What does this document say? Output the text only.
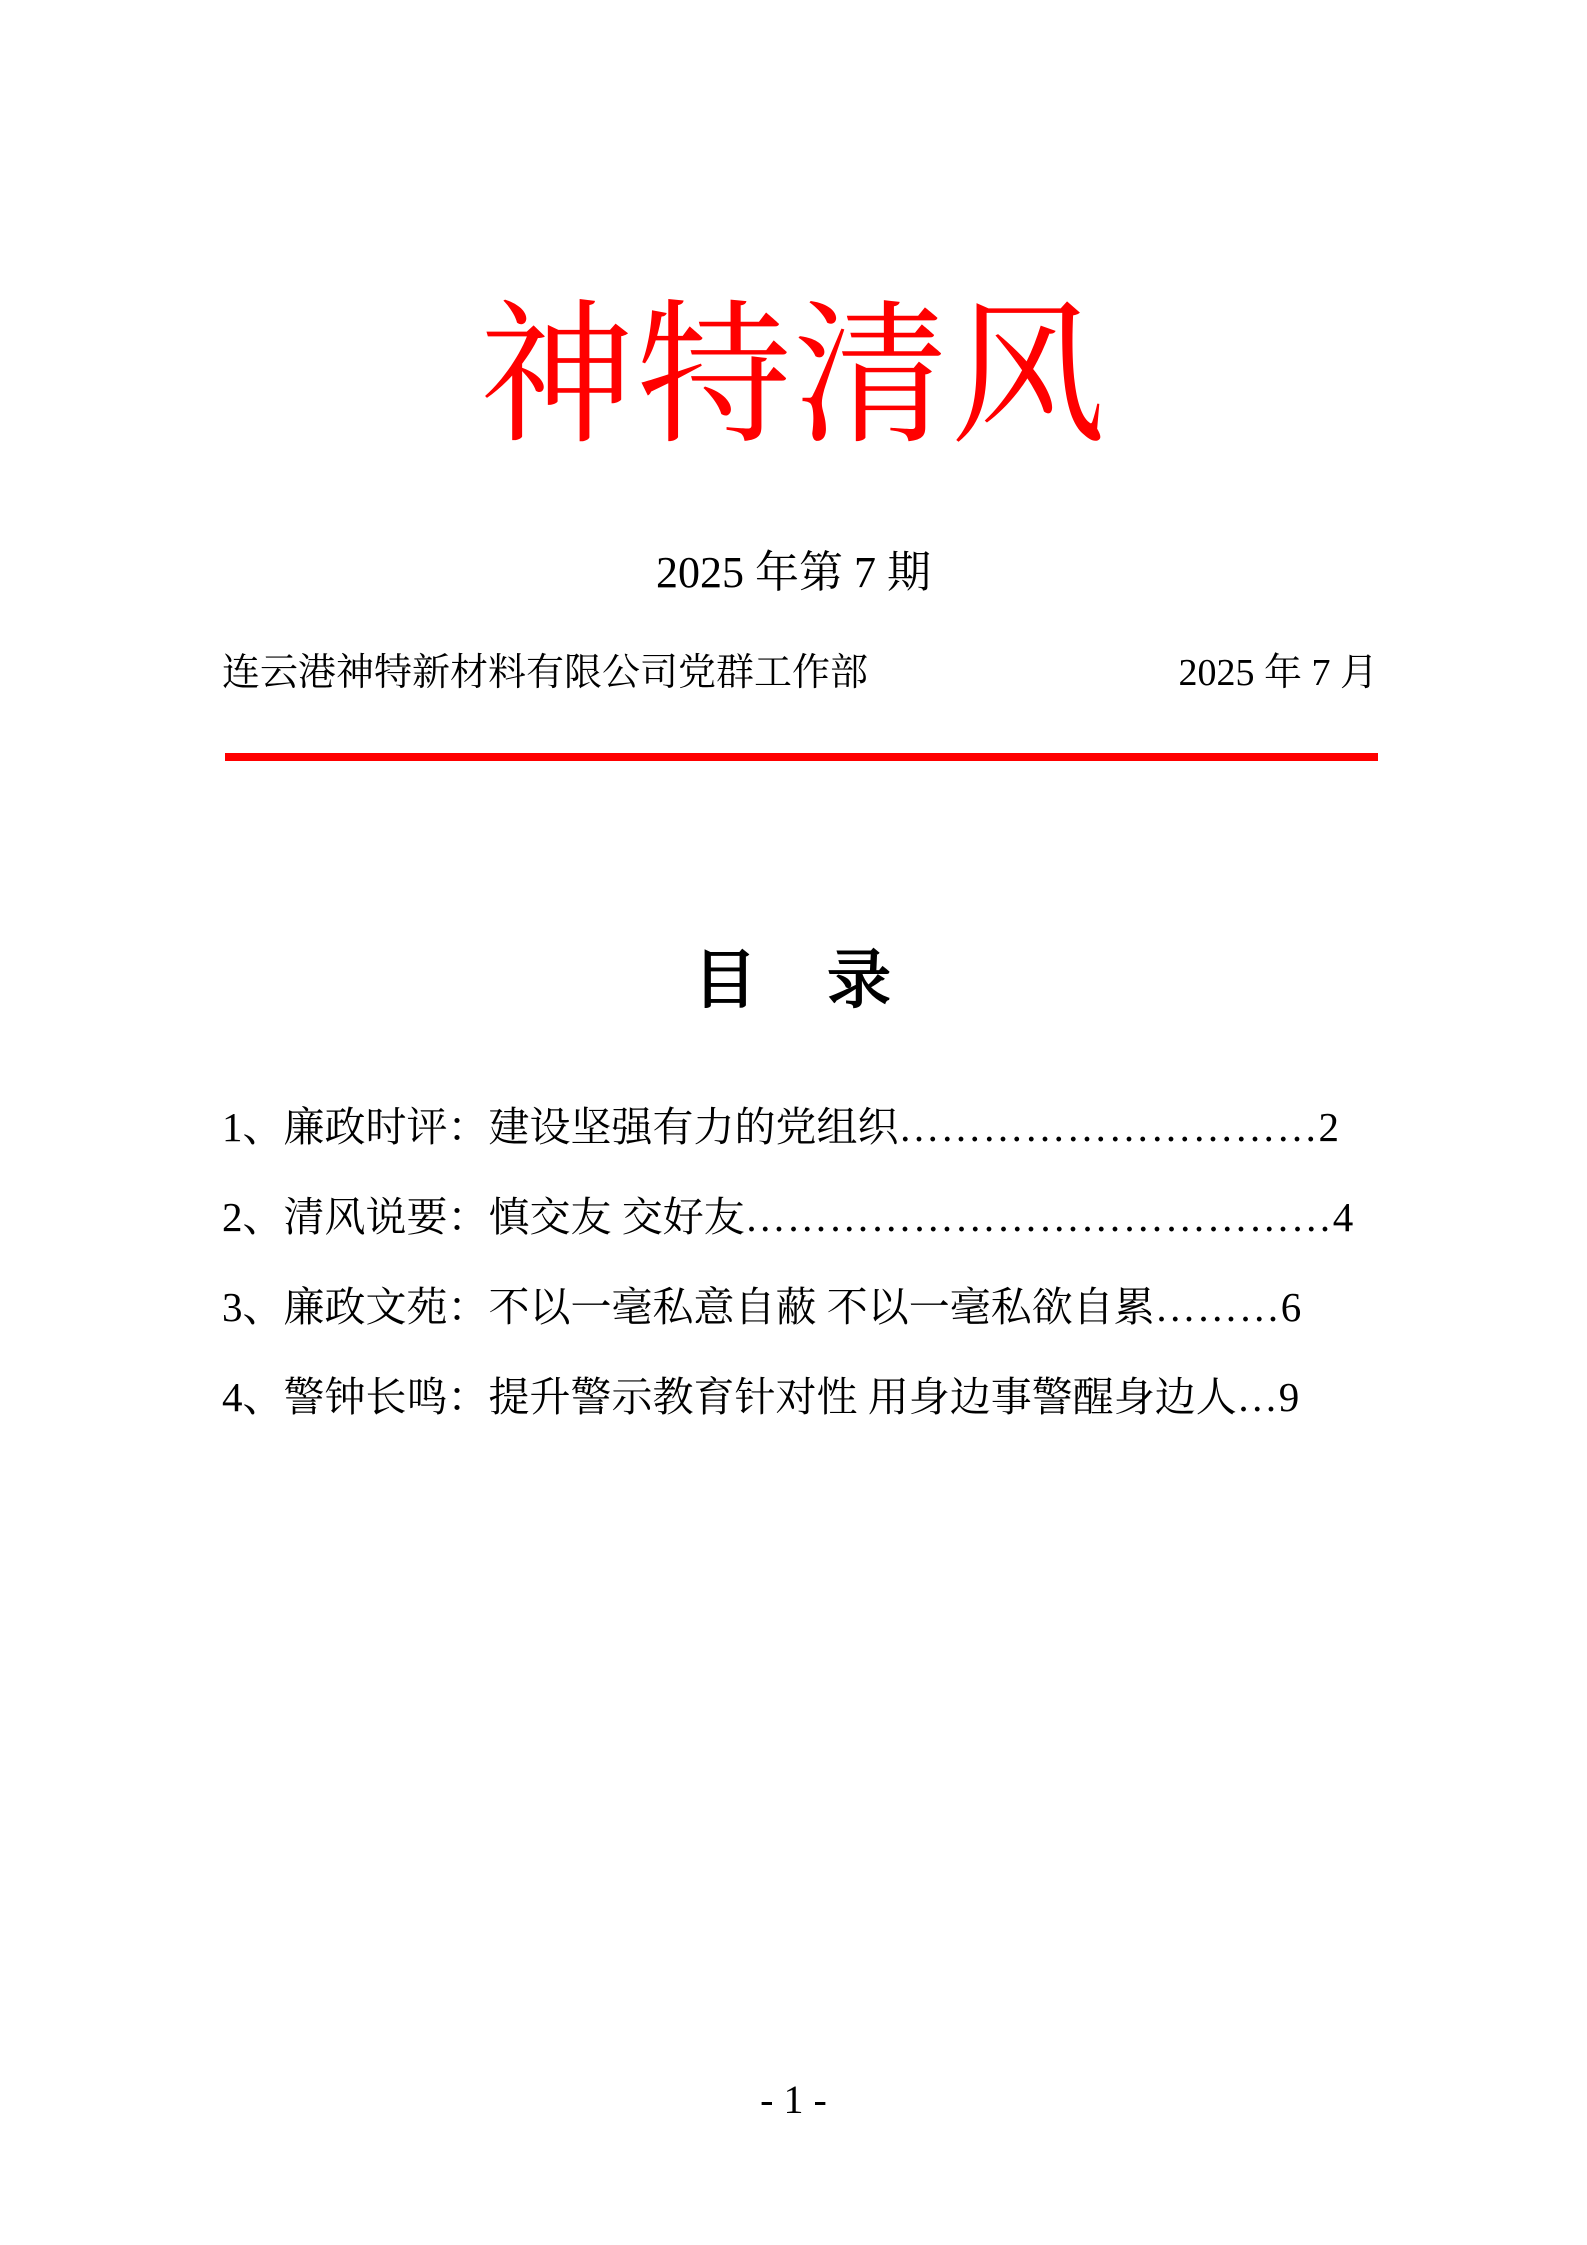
神特清风
2025 年第 7 期
连云港神特新材料有限公司党群工作部	2025 年 7 月
目　录
1、廉政时评：建设坚强有力的党组织 ………………………… 2
2、清风说要：慎交友 交好友 …………………………………… 4
3、廉政文苑：不以一毫私意自蔽 不以一毫私欲自累 ……… 6
4、警钟长鸣：提升警示教育针对性 用身边事警醒身边人 … 9
- 1 -
